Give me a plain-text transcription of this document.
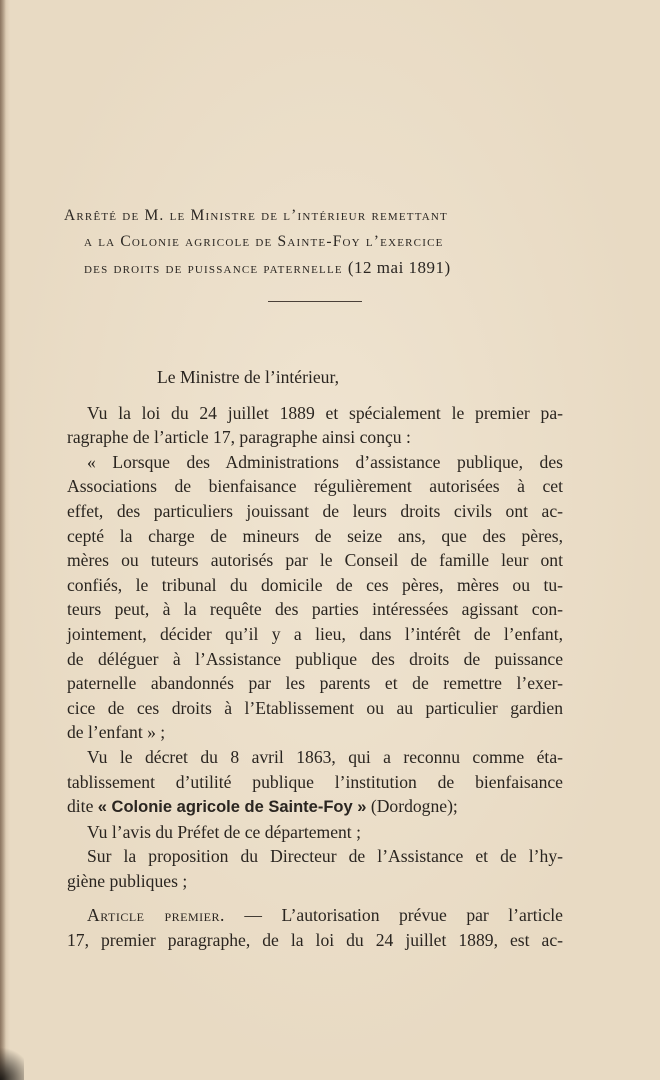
Arrêté de M. le Ministre de l’intérieur remettant
a la Colonie agricole de Sainte-Foy l’exercice
des droits de puissance paternelle (12 mai 1891)
Le Ministre de l’intérieur,
Vu la loi du 24 juillet 1889 et spécialement le premier pa-
ragraphe de l’article 17, paragraphe ainsi conçu :
« Lorsque des Administrations d’assistance publique, des
Associations de bienfaisance régulièrement autorisées à cet
effet, des particuliers jouissant de leurs droits civils ont ac-
cepté la charge de mineurs de seize ans, que des pères,
mères ou tuteurs autorisés par le Conseil de famille leur ont
confiés, le tribunal du domicile de ces pères, mères ou tu-
teurs peut, à la requête des parties intéressées agissant con-
jointement, décider qu’il y a lieu, dans l’intérêt de l’enfant,
de déléguer à l’Assistance publique des droits de puissance
paternelle abandonnés par les parents et de remettre l’exer-
cice de ces droits à l’Etablissement ou au particulier gardien
de l’enfant » ;
Vu le décret du 8 avril 1863, qui a reconnu comme éta-
tablissement d’utilité publique l’institution de bienfaisance
dite « Colonie agricole de Sainte-Foy » (Dordogne);
Vu l’avis du Préfet de ce département ;
Sur la proposition du Directeur de l’Assistance et de l’hy-
giène publiques ;
Article premier. — L’autorisation prévue par l’article
17, premier paragraphe, de la loi du 24 juillet 1889, est ac-
